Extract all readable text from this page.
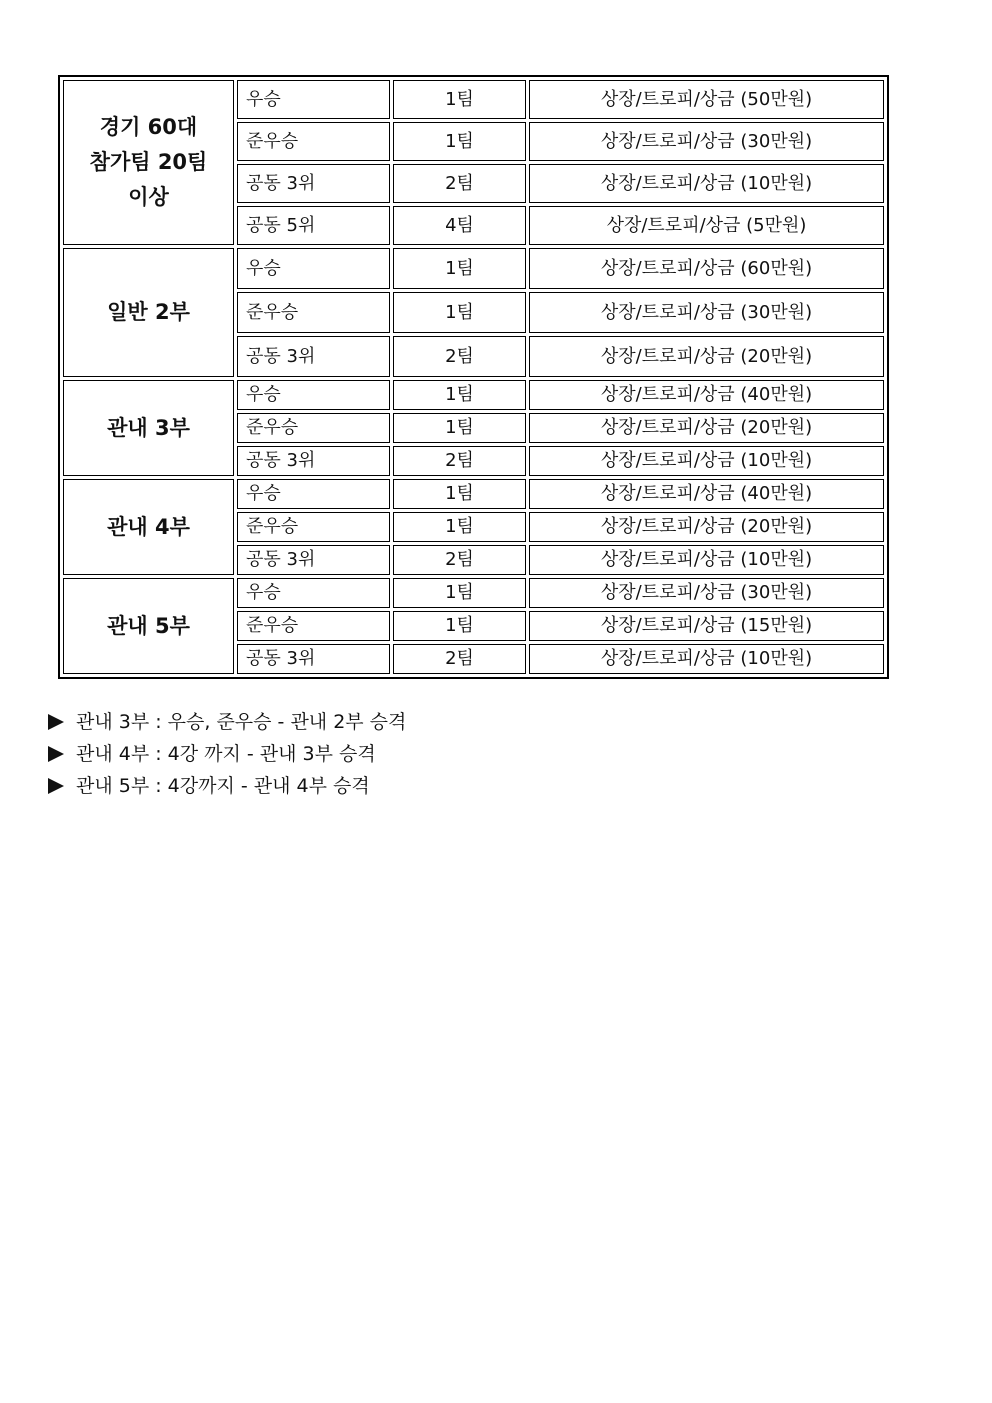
경기 60대
참가팀 20팀
이상	우승	1팀	상장/트로피/상금 (50만원)
	준우승	1팀	상장/트로피/상금 (30만원)
	공동 3위	2팀	상장/트로피/상금 (10만원)
	공동 5위	4팀	상장/트로피/상금 (5만원)

일반 2부	우승	1팀	상장/트로피/상금 (60만원)
	준우승	1팀	상장/트로피/상금 (30만원)
	공동 3위	2팀	상장/트로피/상금 (20만원)

관내 3부	우승	1팀	상장/트로피/상금 (40만원)
	준우승	1팀	상장/트로피/상금 (20만원)
	공동 3위	2팀	상장/트로피/상금 (10만원)

관내 4부	우승	1팀	상장/트로피/상금 (40만원)
	준우승	1팀	상장/트로피/상금 (20만원)
	공동 3위	2팀	상장/트로피/상금 (10만원)

관내 5부	우승	1팀	상장/트로피/상금 (30만원)
	준우승	1팀	상장/트로피/상금 (15만원)
	공동 3위	2팀	상장/트로피/상금 (10만원)
관내 3부 : 우승, 준우승 - 관내 2부 승격
관내 4부 : 4강 까지 - 관내 3부 승격
관내 5부 : 4강까지 - 관내 4부 승격
